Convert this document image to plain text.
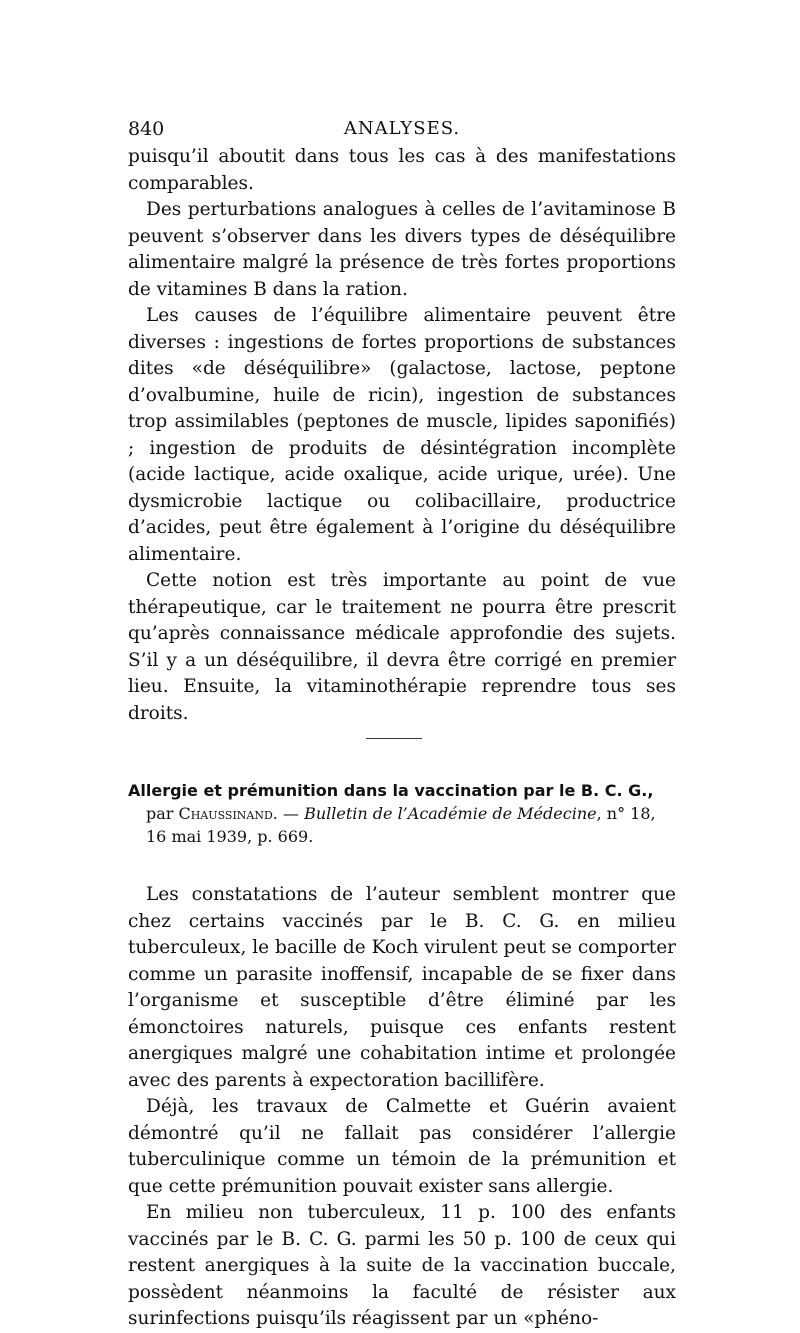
840	ANALYSES.

puisqu’il aboutit dans tous les cas à des manifestations comparables.

Des perturbations analogues à celles de l’avitaminose B peuvent s’observer dans les divers types de déséquilibre alimentaire malgré la présence de très fortes proportions de vitamines B dans la ration.

Les causes de l’équilibre alimentaire peuvent être diverses : ingestions de fortes proportions de substances dites «de déséquilibre» (galactose, lactose, peptone d’ovalbumine, huile de ricin), ingestion de substances trop assimilables (peptones de muscle, lipides saponifiés) ; ingestion de produits de désintégration incomplète (acide lactique, acide oxalique, acide urique, urée). Une dysmicrobie lactique ou colibacillaire, productrice d’acides, peut être également à l’origine du déséquilibre alimentaire.

Cette notion est très importante au point de vue thérapeutique, car le traitement ne pourra être prescrit qu’après connaissance médicale approfondie des sujets. S’il y a un déséquilibre, il devra être corrigé en premier lieu. Ensuite, la vitaminothérapie reprendre tous ses droits.

Allergie et prémunition dans la vaccination par le B. C. G.,
par Chaussinand. — Bulletin de l’Académie de Médecine, n° 18, 16 mai 1939, p. 669.

Les constatations de l’auteur semblent montrer que chez certains vaccinés par le B. C. G. en milieu tuberculeux, le bacille de Koch virulent peut se comporter comme un parasite inoffensif, incapable de se fixer dans l’organisme et susceptible d’être éliminé par les émonctoires naturels, puisque ces enfants restent anergiques malgré une cohabitation intime et prolongée avec des parents à expectoration bacillifère.

Déjà, les travaux de Calmette et Guérin avaient démontré qu’il ne fallait pas considérer l’allergie tuberculinique comme un témoin de la prémunition et que cette prémunition pouvait exister sans allergie.

En milieu non tuberculeux, 11 p. 100 des enfants vaccinés par le B. C. G. parmi les 50 p. 100 de ceux qui restent anergiques à la suite de la vaccination buccale, possèdent néanmoins la faculté de résister aux surinfections puisqu’ils réagissent par un «phéno-
